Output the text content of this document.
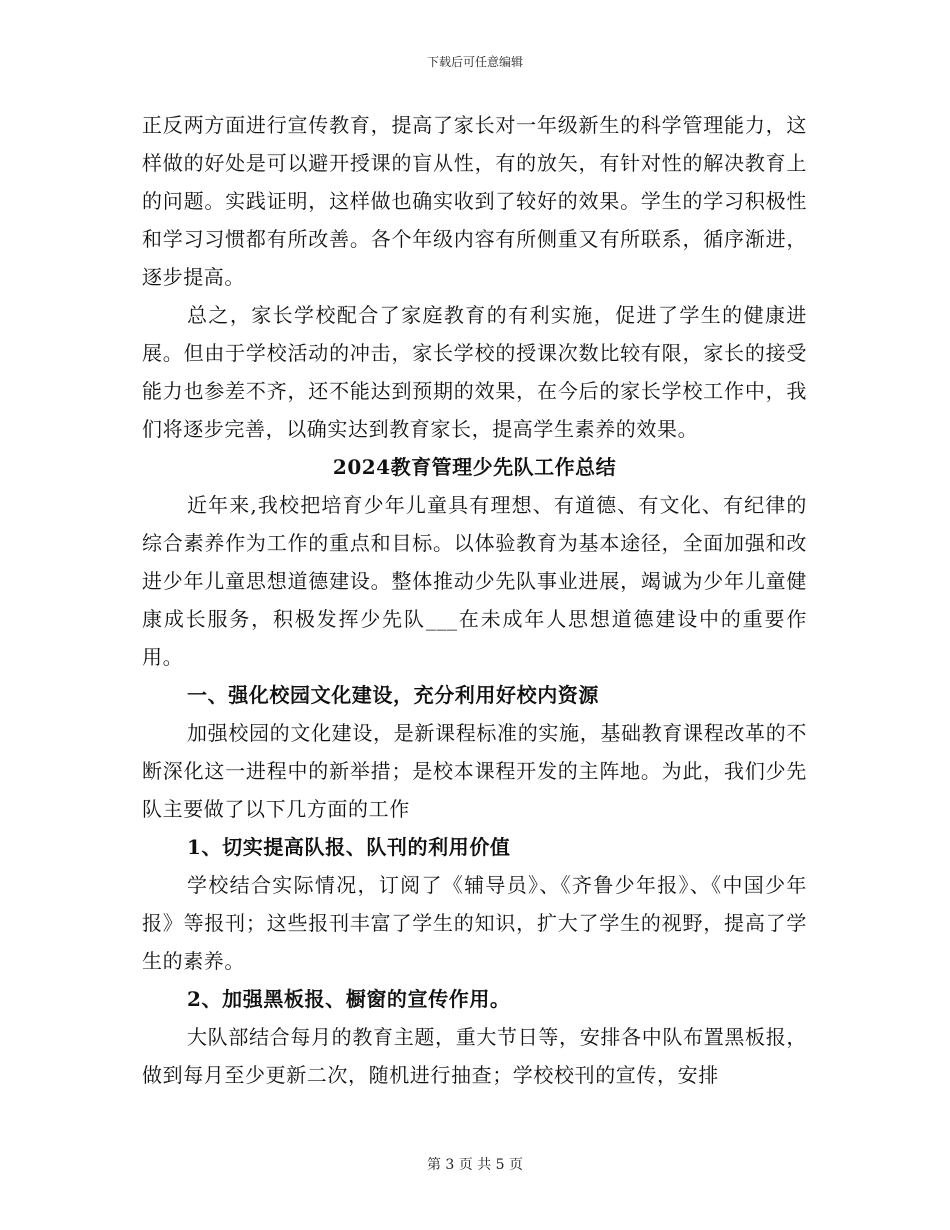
下载后可任意编辑

正反两方面进行宣传教育，提高了家长对一年级新生的科学管理能力，这样做的好处是可以避开授课的盲从性，有的放矢，有针对性的解决教育上的问题。实践证明，这样做也确实收到了较好的效果。学生的学习积极性和学习习惯都有所改善。各个年级内容有所侧重又有所联系，循序渐进，逐步提高。

总之，家长学校配合了家庭教育的有利实施，促进了学生的健康进展。但由于学校活动的冲击，家长学校的授课次数比较有限，家长的接受能力也参差不齐，还不能达到预期的效果，在今后的家长学校工作中，我们将逐步完善，以确实达到教育家长，提高学生素养的效果。

2024教育管理少先队工作总结

近年来,我校把培育少年儿童具有理想、有道德、有文化、有纪律的综合素养作为工作的重点和目标。以体验教育为基本途径，全面加强和改进少年儿童思想道德建设。整体推动少先队事业进展，竭诚为少年儿童健康成长服务，积极发挥少先队___在未成年人思想道德建设中的重要作用。

一、强化校园文化建设，充分利用好校内资源

加强校园的文化建设，是新课程标准的实施，基础教育课程改革的不断深化这一进程中的新举措；是校本课程开发的主阵地。为此，我们少先队主要做了以下几方面的工作

1、切实提高队报、队刊的利用价值

学校结合实际情况，订阅了《辅导员》、《齐鲁少年报》、《中国少年报》等报刊；这些报刊丰富了学生的知识，扩大了学生的视野，提高了学生的素养。

2、加强黑板报、橱窗的宣传作用。

大队部结合每月的教育主题，重大节日等，安排各中队布置黑板报，做到每月至少更新二次，随机进行抽查；学校校刊的宣传，安排

第 3 页 共 5 页
